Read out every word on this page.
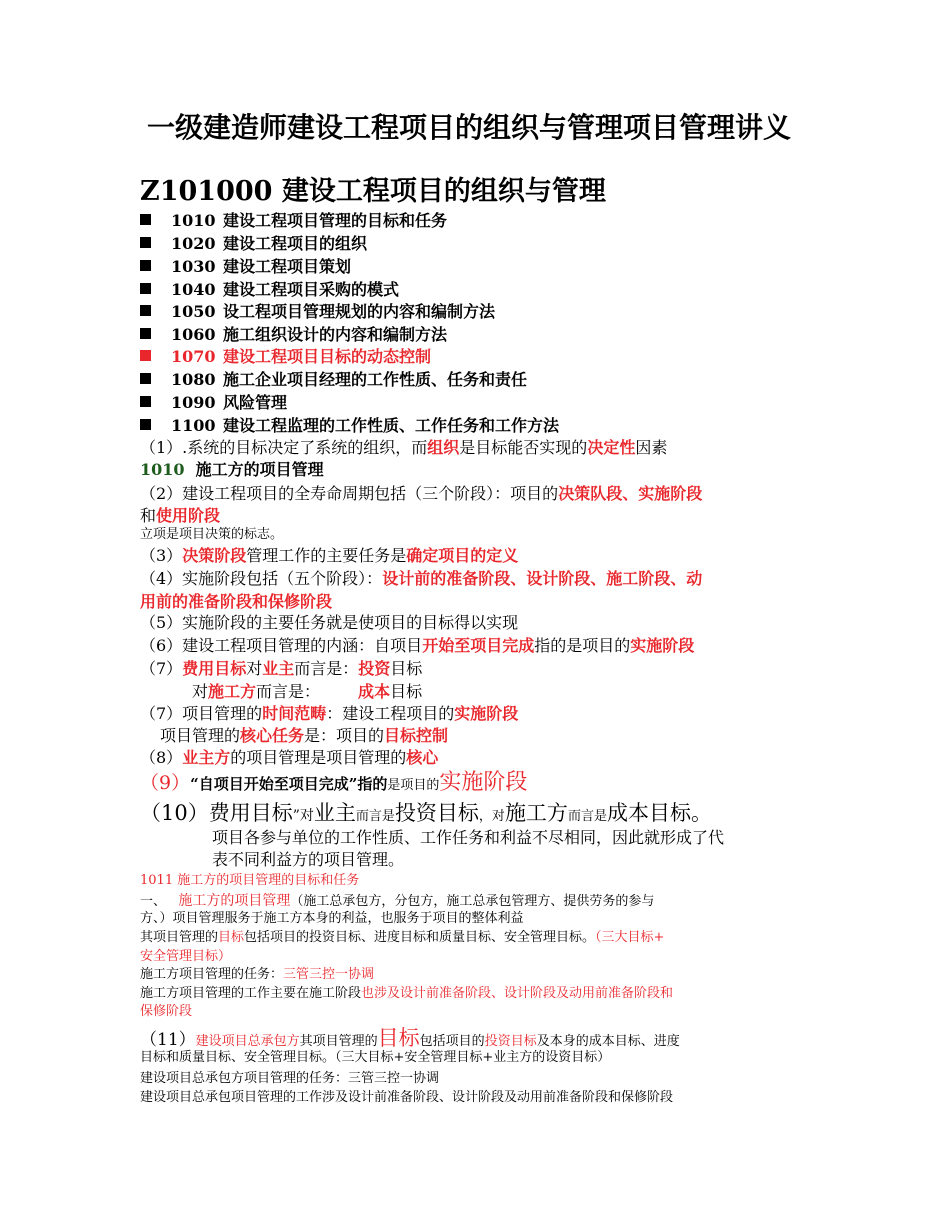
一级建造师建设工程项目的组织与管理项目管理讲义
Z101000 建设工程项目的组织与管理
1010 建设工程项目管理的目标和任务
1020 建设工程项目的组织
1030 建设工程项目策划
1040 建设工程项目采购的模式
1050 设工程项目管理规划的内容和编制方法
1060 施工组织设计的内容和编制方法
1070 建设工程项目目标的动态控制
1080 施工企业项目经理的工作性质、任务和责任
1090 风险管理
1100 建设工程监理的工作性质、工作任务和工作方法
（1）.系统的目标决定了系统的组织，而组织是目标能否实现的决定性因素
1010 施工方的项目管理
（2）建设工程项目的全寿命周期包括（三个阶段）：项目的决策队段、实施阶段
和使用阶段
立项是项目决策的标志。
（3）决策阶段管理工作的主要任务是确定项目的定义
（4）实施阶段包括（五个阶段）：设计前的准备阶段、设计阶段、施工阶段、动
用前的准备阶段和保修阶段
（5）实施阶段的主要任务就是使项目的目标得以实现
（6）建设工程项目管理的内涵：自项目开始至项目完成指的是项目的实施阶段
（7）费用目标对业主而言是：投资目标
对施工方而言是： 成本目标
（7）项目管理的时间范畴：建设工程项目的实施阶段
项目管理的核心任务是：项目的目标控制
（8）业主方的项目管理是项目管理的核心
（9）“自项目开始至项目完成”指的是项目的实施阶段
（10）费用目标”对业主而言是投资目标，对施工方而言是成本目标。
项目各参与单位的工作性质、工作任务和利益不尽相同，因此就形成了代
表不同利益方的项目管理。
1011 施工方的项目管理的目标和任务
一、   施工方的项目管理（施工总承包方，分包方，施工总承包管理方、提供劳务的参与
方、）项目管理服务于施工方本身的利益，也服务于项目的整体利益
其项目管理的目标包括项目的投资目标、进度目标和质量目标、安全管理目标。（三大目标+
安全管理目标）
施工方项目管理的任务：三管三控一协调
施工方项目管理的工作主要在施工阶段也涉及设计前准备阶段、设计阶段及动用前准备阶段和
保修阶段
（11）建设项目总承包方其项目管理的目标包括项目的投资目标及本身的成本目标、进度
目标和质量目标、安全管理目标。（三大目标+安全管理目标+业主方的设资目标）
建设项目总承包方项目管理的任务：三管三控一协调
建设项目总承包项目管理的工作涉及设计前准备阶段、设计阶段及动用前准备阶段和保修阶段
